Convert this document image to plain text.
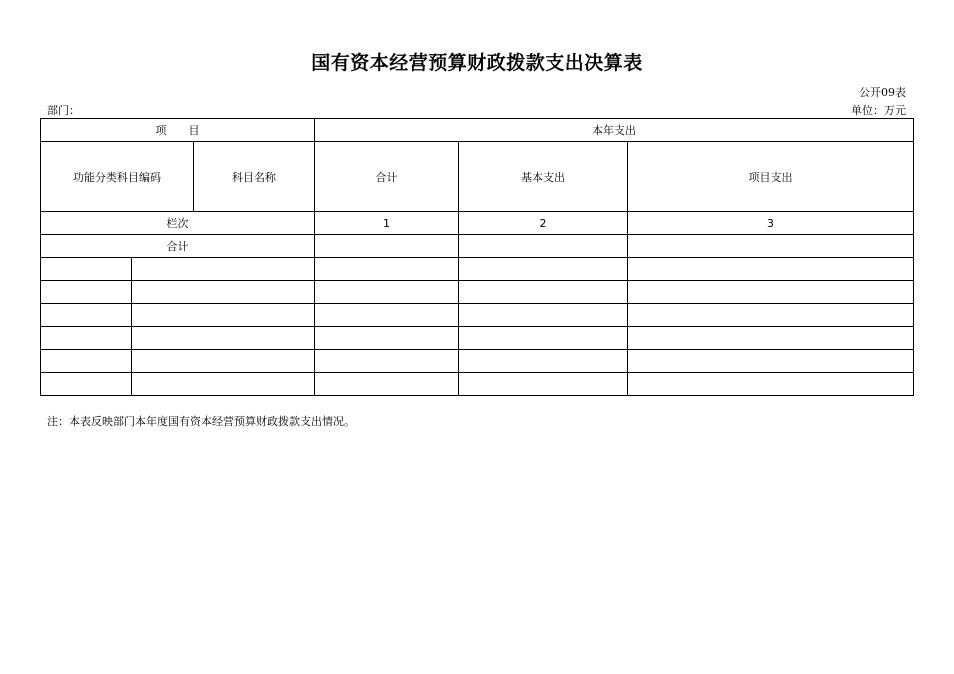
国有资本经营预算财政拨款支出决算表
公开09表
部门：	单位：万元
项　　目			本年支出		
功能分类科目编码		科目名称	合计	基本支出	项目支出
栏次			1	2	3
合计					

注：本表反映部门本年度国有资本经营预算财政拨款支出情况。
